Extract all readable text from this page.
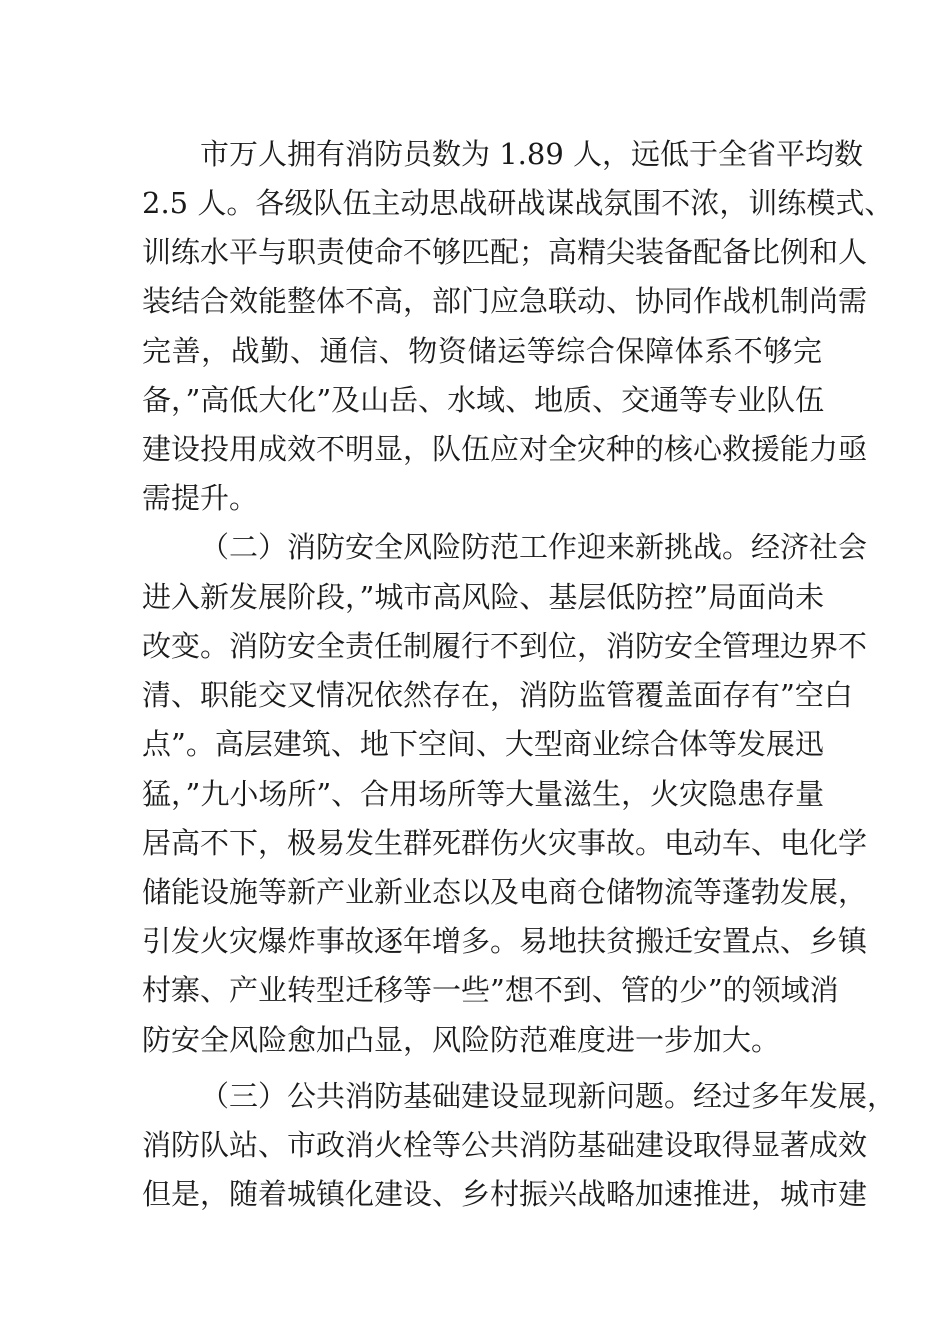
市万人拥有消防员数为 1.89 人，远低于全省平均数
2.5 人。各级队伍主动思战研战谋战氛围不浓，训练模式、
训练水平与职责使命不够匹配；高精尖装备配备比例和人
装结合效能整体不高，部门应急联动、协同作战机制尚需
完善，战勤、通信、物资储运等综合保障体系不够完
备，”高低大化”及山岳、水域、地质、交通等专业队伍
建设投用成效不明显，队伍应对全灾种的核心救援能力亟
需提升。
（二）消防安全风险防范工作迎来新挑战。经济社会
进入新发展阶段，”城市高风险、基层低防控”局面尚未
改变。消防安全责任制履行不到位，消防安全管理边界不
清、职能交叉情况依然存在，消防监管覆盖面存有”空白
点”。高层建筑、地下空间、大型商业综合体等发展迅
猛，”九小场所”、合用场所等大量滋生，火灾隐患存量
居高不下，极易发生群死群伤火灾事故。电动车、电化学
储能设施等新产业新业态以及电商仓储物流等蓬勃发展，
引发火灾爆炸事故逐年增多。易地扶贫搬迁安置点、乡镇
村寨、产业转型迁移等一些”想不到、管的少”的领域消
防安全风险愈加凸显，风险防范难度进一步加大。
（三）公共消防基础建设显现新问题。经过多年发展，
消防队站、市政消火栓等公共消防基础建设取得显著成效
但是，随着城镇化建设、乡村振兴战略加速推进，城市建
